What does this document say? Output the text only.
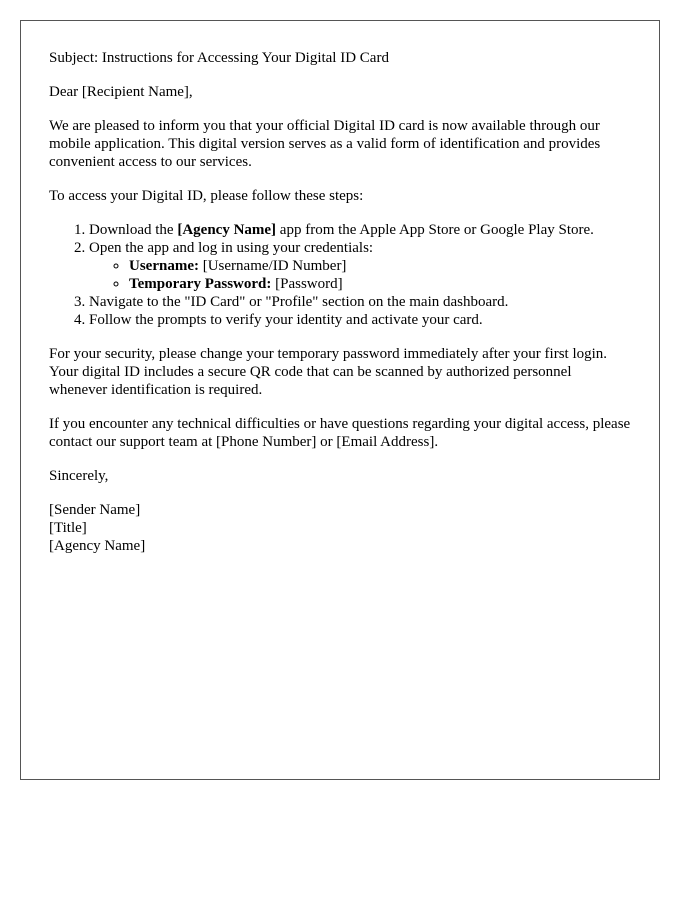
Subject: Instructions for Accessing Your Digital ID Card

Dear [Recipient Name],

We are pleased to inform you that your official Digital ID card is now available through our mobile application. This digital version serves as a valid form of identification and provides convenient access to our services.

To access your Digital ID, please follow these steps:

1. Download the [Agency Name] app from the Apple App Store or Google Play Store.
2. Open the app and log in using your credentials:
◦ Username: [Username/ID Number]
◦ Temporary Password: [Password]
3. Navigate to the "ID Card" or "Profile" section on the main dashboard.
4. Follow the prompts to verify your identity and activate your card.

For your security, please change your temporary password immediately after your first login. Your digital ID includes a secure QR code that can be scanned by authorized personnel whenever identification is required.

If you encounter any technical difficulties or have questions regarding your digital access, please contact our support team at [Phone Number] or [Email Address].

Sincerely,

[Sender Name]
[Title]
[Agency Name]
